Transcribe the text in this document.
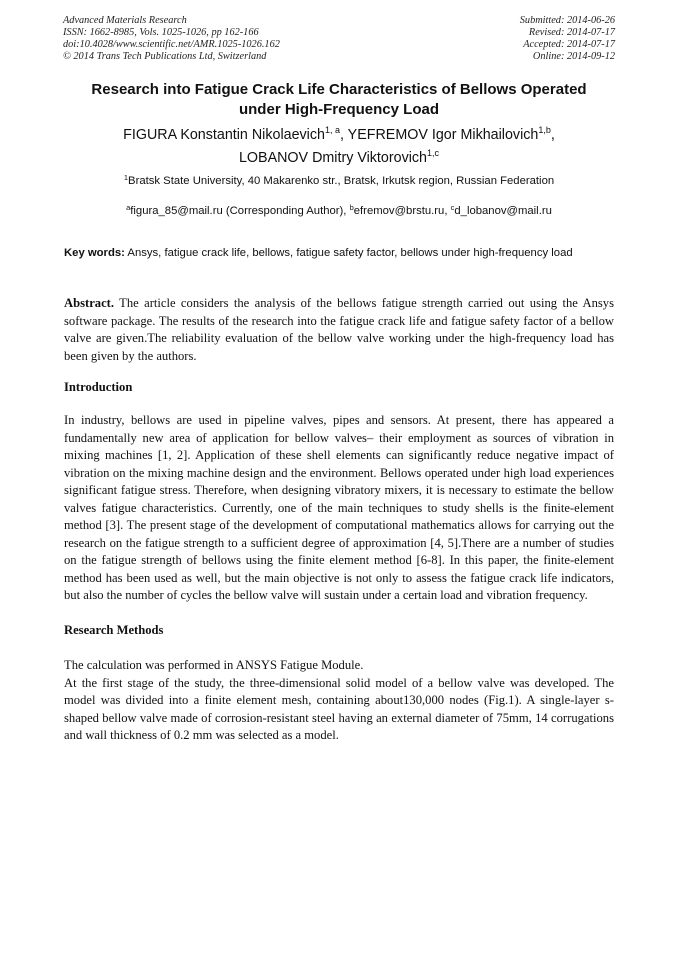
Advanced Materials Research
ISSN: 1662-8985, Vols. 1025-1026, pp 162-166
doi:10.4028/www.scientific.net/AMR.1025-1026.162
© 2014 Trans Tech Publications Ltd, Switzerland
Submitted: 2014-06-26
Revised: 2014-07-17
Accepted: 2014-07-17
Online: 2014-09-12
Research into Fatigue Crack Life Characteristics of Bellows Operated
under High-Frequency Load
FIGURA Konstantin Nikolaevich$^{1, a}$, YEFREMOV Igor Mikhailovich$^{1,b}$,
LOBANOV Dmitry Viktorovich$^{1,c}$
$^1$Bratsk State University, 40 Makarenko str., Bratsk, Irkutsk region, Russian Federation
$^a$figura_85@mail.ru (Corresponding Author), $^b$efremov@brstu.ru, $^c$d_lobanov@mail.ru
Key words: Ansys, fatigue crack life, bellows, fatigue safety factor, bellows under high-frequency load
Abstract. The article considers the analysis of the bellows fatigue strength carried out using the Ansys software package. The results of the research into the fatigue crack life and fatigue safety factor of a bellow valve are given.The reliability evaluation of the bellow valve working under the high-frequency load has been given by the authors.
Introduction
In industry, bellows are used in pipeline valves, pipes and sensors. At present, there has appeared a fundamentally new area of application for bellow valves– their employment as sources of vibration in mixing machines [1, 2]. Application of these shell elements can significantly reduce negative impact of vibration on the mixing machine design and the environment. Bellows operated under high load experiences significant fatigue stress. Therefore, when designing vibratory mixers, it is necessary to estimate the bellow valves fatigue characteristics. Currently, one of the main techniques to study shells is the finite-element method [3]. The present stage of the development of computational mathematics allows for carrying out the research on the fatigue strength to a sufficient degree of approximation [4, 5].There are a number of studies on the fatigue strength of bellows using the finite element method [6-8]. In this paper, the finite-element method has been used as well, but the main objective is not only to assess the fatigue crack life indicators, but also the number of cycles the bellow valve will sustain under a certain load and vibration frequency.
Research Methods

The calculation was performed in ANSYS Fatigue Module.

At the first stage of the study, the three-dimensional solid model of a bellow valve was developed. The model was divided into a finite element mesh, containing about130,000 nodes (Fig.1). A single-layer s-shaped bellow valve made of corrosion-resistant steel having an external diameter of 75mm, 14 corrugations and wall thickness of 0.2 mm was selected as a model.
